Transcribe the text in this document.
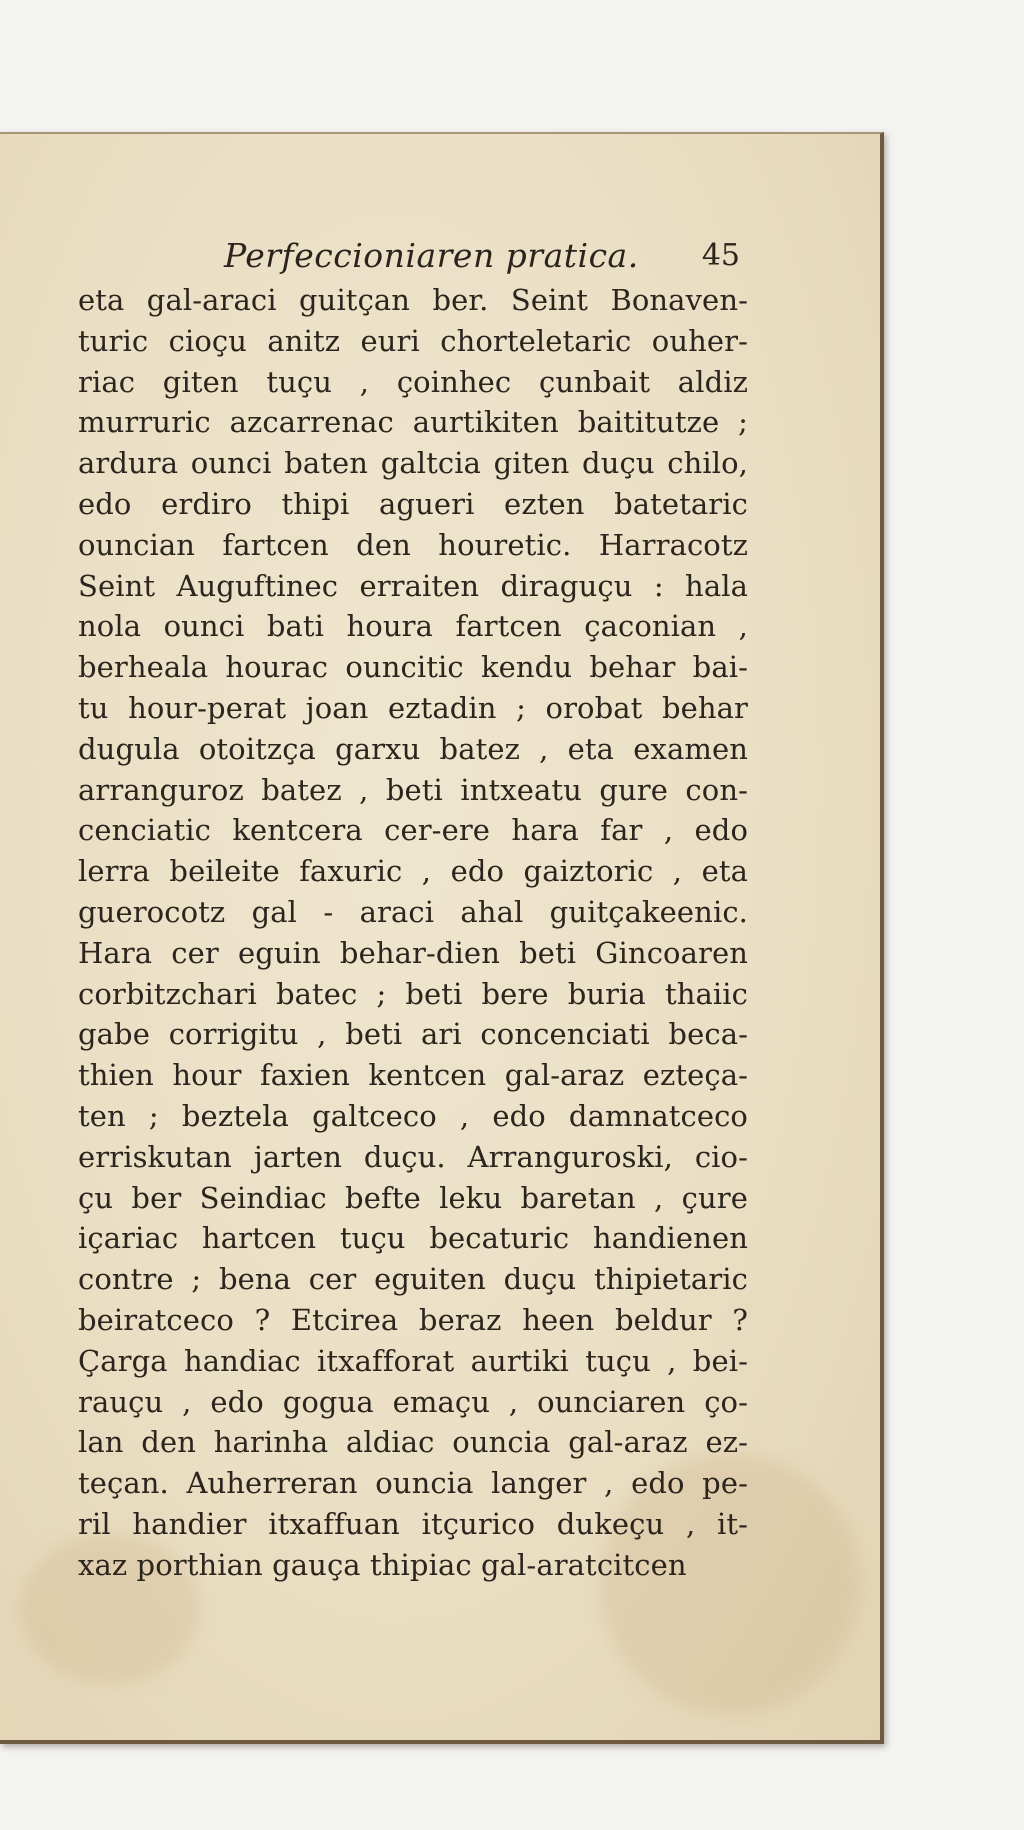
Perfeccioniaren pratica. 45
eta gal-araci guitçan ber. Seint Bonaven-
turic cioçu anitz euri chorteletaric ouher-
riac giten tuçu , çoinhec çunbait aldiz
murruric azcarrenac aurtikiten baititutze ;
ardura ounci baten galtcia giten duçu chilo,
edo erdiro thipi agueri ezten batetaric
ouncian fartcen den houretic. Harracotz
Seint Auguftinec erraiten diraguçu : hala
nola ounci bati houra fartcen çaconian ,
berheala hourac ouncitic kendu behar bai-
tu hour-perat joan eztadin ; orobat behar
dugula otoitzça garxu batez , eta examen
arranguroz batez , beti intxeatu gure con-
cenciatic kentcera cer-ere hara far , edo
lerra beileite faxuric , edo gaiztoric , eta
guerocotz gal - araci ahal guitçakeenic.
Hara cer eguin behar-dien beti Gincoaren
corbitzchari batec ; beti bere buria thaiic
gabe corrigitu , beti ari concenciati beca-
thien hour faxien kentcen gal-araz ezteça-
ten ; beztela galtceco , edo damnatceco
erriskutan jarten duçu. Arranguroski, cio-
çu ber Seindiac befte leku baretan , çure
içariac hartcen tuçu becaturic handienen
contre ; bena cer eguiten duçu thipietaric
beiratceco ? Etcirea beraz heen beldur ?
Çarga handiac itxafforat aurtiki tuçu , bei-
rauçu , edo gogua emaçu , ounciaren ço-
lan den harinha aldiac ouncia gal-araz ez-
teçan. Auherreran ouncia langer , edo pe-
ril handier itxaffuan itçurico dukeçu , it-
xaz porthian gauça thipiac gal-aratcitcen
